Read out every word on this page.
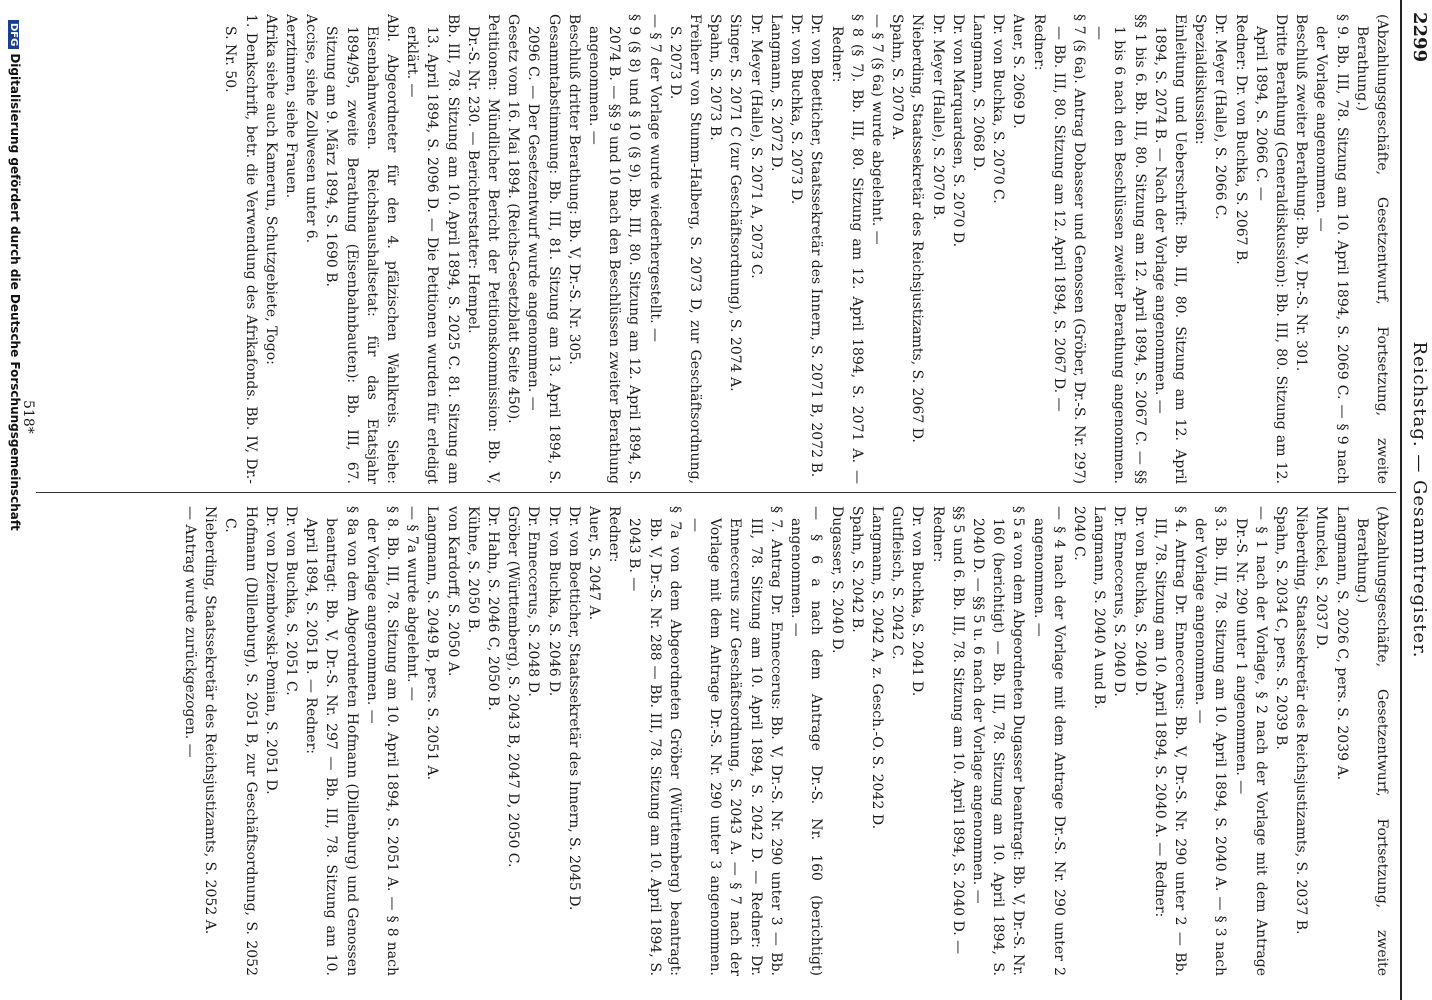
2299
Reichstag. — Gesammtregister.

(Abzahlungsgeschäfte, Gesetzentwurf, Fortsetzung, zweite Berathung.)

§ 9. Bb. III, 78. Sitzung am 10. April 1894, S. 2069 C. — § 9 nach der Vorlage angenommen. —

Beschluß zweiter Berathung: Bb. V, Dr.-S. Nr. 301.

Dritte Berathung (Generaldiskussion): Bb. III, 80. Sitzung am 12. April 1894, S. 2066 C. —

Redner: Dr. von Buchka, S. 2067 B.

Dr. Meyer (Halle), S. 2066 C.

Spezialdiskussion:

Einleitung und Ueberschrift: Bb. III, 80. Sitzung am 12. April 1894, S. 2074 B. — Nach der Vorlage angenommen. —

§§ 1 bis 6. Bb. III, 80. Sitzung am 12. April 1894, S. 2067 C. — §§ 1 bis 6 nach den Beschlüssen zweiter Berathung angenommen. —

§ 7 (§ 6a). Antrag Dobasser und Genossen (Gröber, Dr.-S. Nr. 297) — Bb. III, 80. Sitzung am 12. April 1894, S. 2067 D. —

Redner:

Auer, S. 2069 D.

Dr. von Buchka, S. 2070 C.

Langmann, S. 2068 D.

Dr. von Marquardsen, S. 2070 D.

Dr. Meyer (Halle), S. 2070 B.

Nieberding, Staatssekretär des Reichsjustizamts, S. 2067 D.

Spahn, S. 2070 A.

— § 7 (§ 6a) wurde abgelehnt. —

§ 8 (§ 7). Bb. III, 80. Sitzung am 12. April 1894, S. 2071 A. — Redner:

Dr. von Boetticher, Staatssekretär des Innern, S. 2071 B, 2072 B.

Dr. von Buchka, S. 2073 D.

Langmann, S. 2072 D.

Dr. Meyer (Halle), S. 2071 A, 2073 C.

Singer, S. 2071 C (zur Geschäftsordnung), S. 2074 A.

Spahn, S. 2073 B.

Freiherr von Stumm-Halberg, S. 2073 D, zur Geschäftsordnung, S. 2073 D.

— § 7 der Vorlage wurde wiederhergestellt. —

§ 9 (§ 8) und § 10 (§ 9). Bb. III, 80. Sitzung am 12. April 1894, S. 2074 B. — §§ 9 und 10 nach den Beschlüssen zweiter Berathung angenommen. —

Beschluß dritter Berathung: Bb. V, Dr.-S. Nr. 305.

Gesammtabstimmung: Bb. III, 81. Sitzung am 13. April 1894, S. 2096 C. — Der Gesetzentwurf wurde angenommen. —

Gesetz vom 16. Mai 1894. (Reichs-Gesetzblatt Seite 450).

Petitionen: Mündlicher Bericht der Petitionskommission: Bb. V, Dr.-S. Nr. 230. — Berichterstatter: Hempel.

Bb. III, 78. Sitzung am 10. April 1894, S. 2025 C. 81. Sitzung am 13. April 1894, S. 2096 D. — Die Petitionen wurden für erledigt erklärt. —

Abl. Abgeordneter für den 4. pfälzischen Wahlkreis. Siehe: Eisenbahnwesen. Reichshaushaltsetat: für das Etatsjahr 1894/95, zweite Berathung (Eisenbahnbauten): Bb. III, 67. Sitzung am 9. März 1894, S. 1690 B.

Accise, siehe Zollwesen unter 6.

Aerztinnen, siehe Frauen.

Afrika siehe auch Kamerun, Schutzgebiete, Togo:

1. Denkschrift, betr. die Verwendung des Afrikafonds. Bb. IV, Dr.-S. Nr. 50.

(Abzahlungsgeschäfte, Gesetzentwurf, Fortsetzung, zweite Berathung.)

Langmann, S. 2026 C, pers. S. 2039 A.

Munckel, S. 2037 D.

Nieberding, Staatssekretär des Reichsjustizamts, S. 2037 B.

Spahn, S. 2034 C, pers. S. 2039 B.

— § 1 nach der Vorlage, § 2 nach der Vorlage mit dem Antrage Dr.-S. Nr. 290 unter 1 angenommen. —

§ 3. Bb. III, 78. Sitzung am 10. April 1894, S. 2040 A. — § 3 nach der Vorlage angenommen. —

§ 4. Antrag Dr. Enneccerus: Bb. V, Dr.-S. Nr. 290 unter 2 — Bb. III, 78. Sitzung am 10. April 1894, S. 2040 A. — Redner:

Dr. von Buchka, S. 2040 D.

Dr. Enneccerus, S. 2040 D.

Langmann, S. 2040 A und B.

2040 C.

— § 4 nach der Vorlage mit dem Antrage Dr.-S. Nr. 290 unter 2 angenommen. —

§ 5 a von dem Abgeordneten Dugasser beantragt: Bb. V, Dr.-S. Nr. 160 (berichtigt) — Bb. III, 78. Sitzung am 10. April 1894, S. 2040 D. — §§ 5 u. 6 nach der Vorlage angenommen. —

§§ 5 und 6. Bb. III, 78. Sitzung am 10. April 1894, S. 2040 D. —

Redner:

Dr. von Buchka, S. 2041 D.

Gutfleisch, S. 2042 C.

Langmann, S. 2042 A, z. Gesch.-O. S. 2042 D.

Spahn, S. 2042 B.

Dugasser, S. 2040 D.

— § 6 a nach dem Antrage Dr.-S. Nr. 160 (berichtigt) angenommen. —

§ 7. Antrag Dr. Enneccerus: Bb. V, Dr.-S. Nr. 290 unter 3 — Bb. III, 78. Sitzung am 10. April 1894, S. 2042 D. — Redner: Dr. Enneccerus zur Geschäftsordnung, S. 2043 A. — § 7 nach der Vorlage mit dem Antrage Dr.-S. Nr. 290 unter 3 angenommen. —

§ 7a von dem Abgeordneten Gröber (Württemberg) beantragt: Bb. V, Dr.-S. Nr. 288 — Bb. III, 78. Sitzung am 10. April 1894, S. 2043 B. —

Redner:

Auer, S. 2047 A.

Dr. von Boetticher, Staatssekretär des Innern, S. 2045 D.

Dr. von Buchka, S. 2046 D.

Dr. Enneccerus, S. 2048 D.

Gröber (Württemberg), S. 2043 B, 2047 D, 2050 C.

Dr. Hahn, S. 2046 C, 2050 B.

Kühne, S. 2050 B.

von Kardorff, S. 2050 A.

Langmann, S. 2049 B, pers. S. 2051 A.

— § 7a wurde abgelehnt. —

§ 8. Bb. III, 78. Sitzung am 10. April 1894, S. 2051 A. — § 8 nach der Vorlage angenommen. —

§ 8a von dem Abgeordneten Hofmann (Dillenburg) und Genossen beantragt: Bb. V, Dr.-S. Nr. 297 — Bb. III, 78. Sitzung am 10. April 1894, S. 2051 B. — Redner:

Dr. von Buchka, S. 2051 C.

Dr. von Dziembowski-Pomian, S. 2051 D.

Hofmann (Dillenburg), S. 2051 B, zur Geschäftsordnung, S. 2052 C.

Nieberding, Staatssekretär des Reichsjustizamts, S. 2052 A.

— Antrag wurde zurückgezogen. —

518*
DFGDigitalisierung gefördert durch die Deutsche Forschungsgemeinschaft
